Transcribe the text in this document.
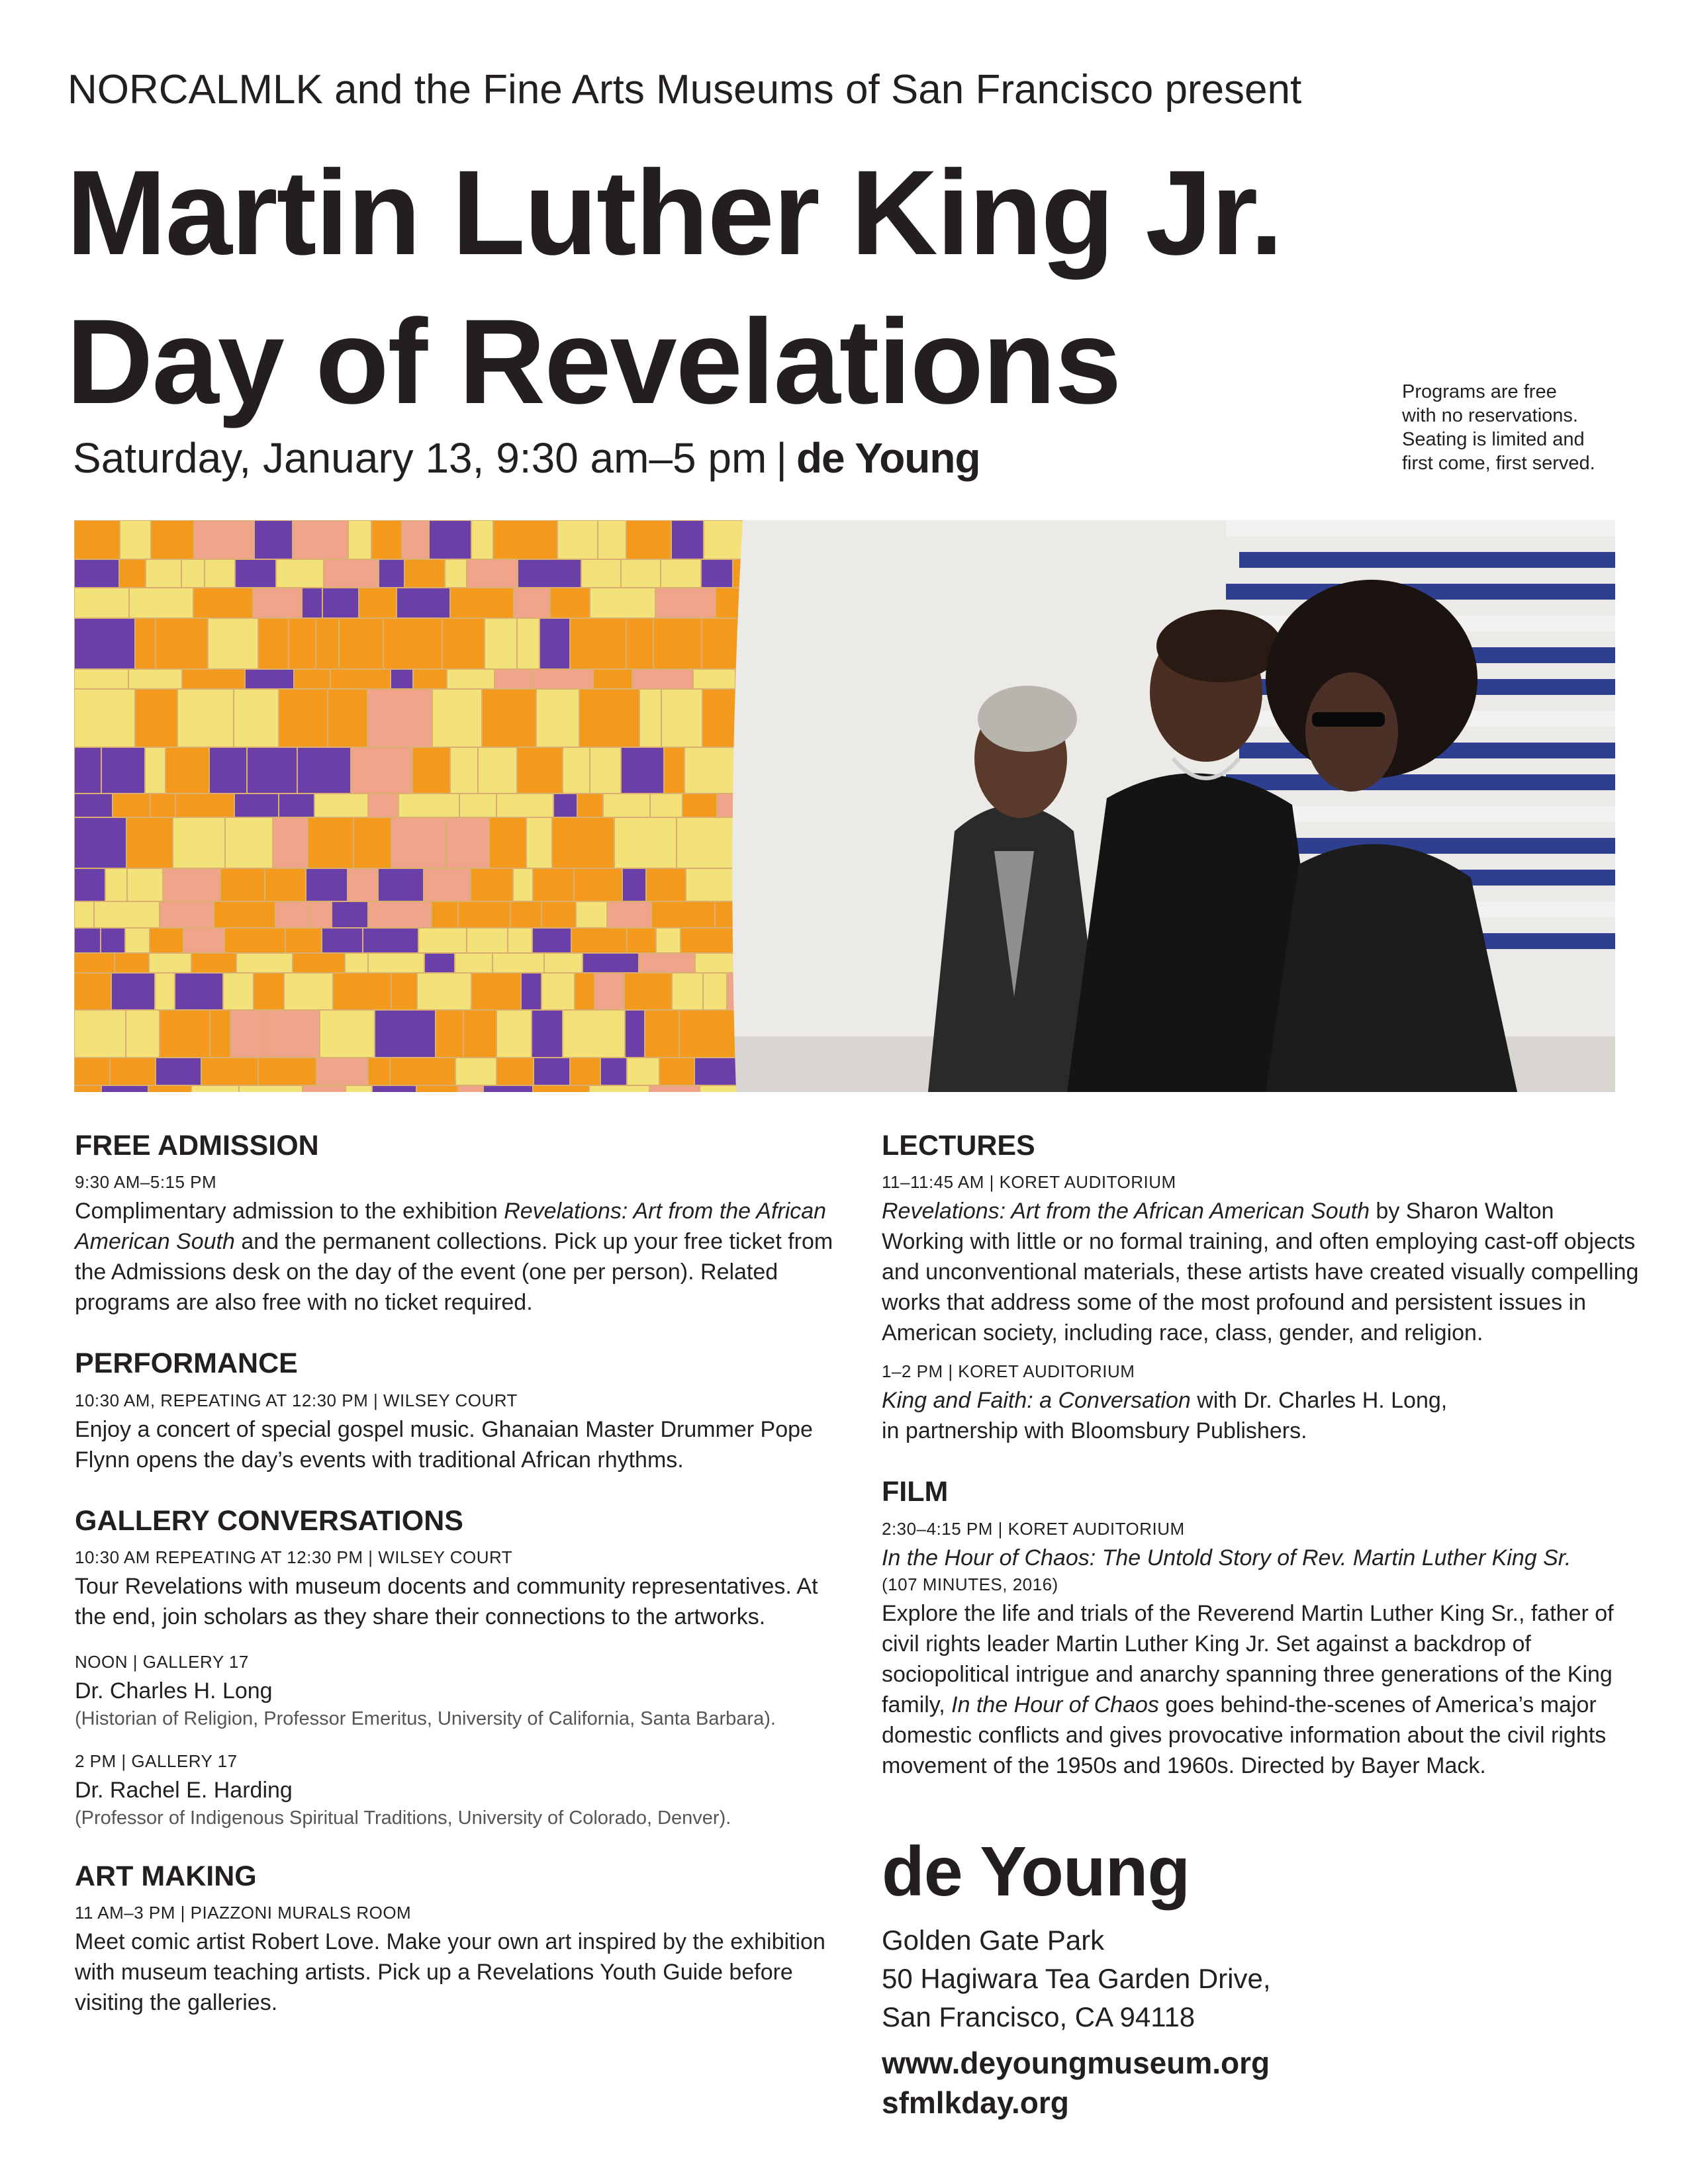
NORCALMLK and the Fine Arts Museums of San Francisco present
Martin Luther King Jr.
Day of Revelations
Saturday, January 13, 9:30 am–5 pm | de Young
Programs are free
with no reservations.
Seating is limited and
first come, first served.
FREE ADMISSION
9:30 AM–5:15 PM

Complimentary admission to the exhibition Revelations: Art from the African American South and the permanent collections. Pick up your free ticket from the Admissions desk on the day of the event (one per person). Related programs are also free with no ticket required.

PERFORMANCE
10:30 AM, REPEATING AT 12:30 PM | WILSEY COURT

Enjoy a concert of special gospel music. Ghanaian Master Drummer Pope Flynn opens the day’s events with traditional African rhythms.

GALLERY CONVERSATIONS
10:30 AM REPEATING AT 12:30 PM | WILSEY COURT

Tour Revelations with museum docents and community representatives. At the end, join scholars as they share their connections to the artworks.

NOON | GALLERY 17
Dr. Charles H. Long
(Historian of Religion, Professor Emeritus, University of California, Santa Barbara).
2 PM | GALLERY 17
Dr. Rachel E. Harding
(Professor of Indigenous Spiritual Traditions, University of Colorado, Denver).
ART MAKING
11 AM–3 PM | PIAZZONI MURALS ROOM

Meet comic artist Robert Love. Make your own art inspired by the exhibition with museum teaching artists. Pick up a Revelations Youth Guide before visiting the galleries.

LECTURES
11–11:45 AM | KORET AUDITORIUM
Revelations: Art from the African American South by Sharon Walton

Working with little or no formal training, and often employing cast-off objects and unconventional materials, these artists have created visually compelling works that address some of the most profound and persistent issues in American society, including race, class, gender, and religion.

1–2 PM | KORET AUDITORIUM
King and Faith: a Conversation with Dr. Charles H. Long,

in partnership with Bloomsbury Publishers.

FILM
2:30–4:15 PM | KORET AUDITORIUM
In the Hour of Chaos: The Untold Story of Rev. Martin Luther King Sr.
(107 MINUTES, 2016)

Explore the life and trials of the Reverend Martin Luther King Sr., father of civil rights leader Martin Luther King Jr. Set against a backdrop of sociopolitical intrigue and anarchy spanning three generations of the King family, In the Hour of Chaos goes behind-the-scenes of America’s major domestic conflicts and gives provocative information about the civil rights movement of the 1950s and 1960s. Directed by Bayer Mack.

de Young
Golden Gate Park
50 Hagiwara Tea Garden Drive,
San Francisco, CA 94118
www.deyoungmuseum.org
sfmlkday.org
